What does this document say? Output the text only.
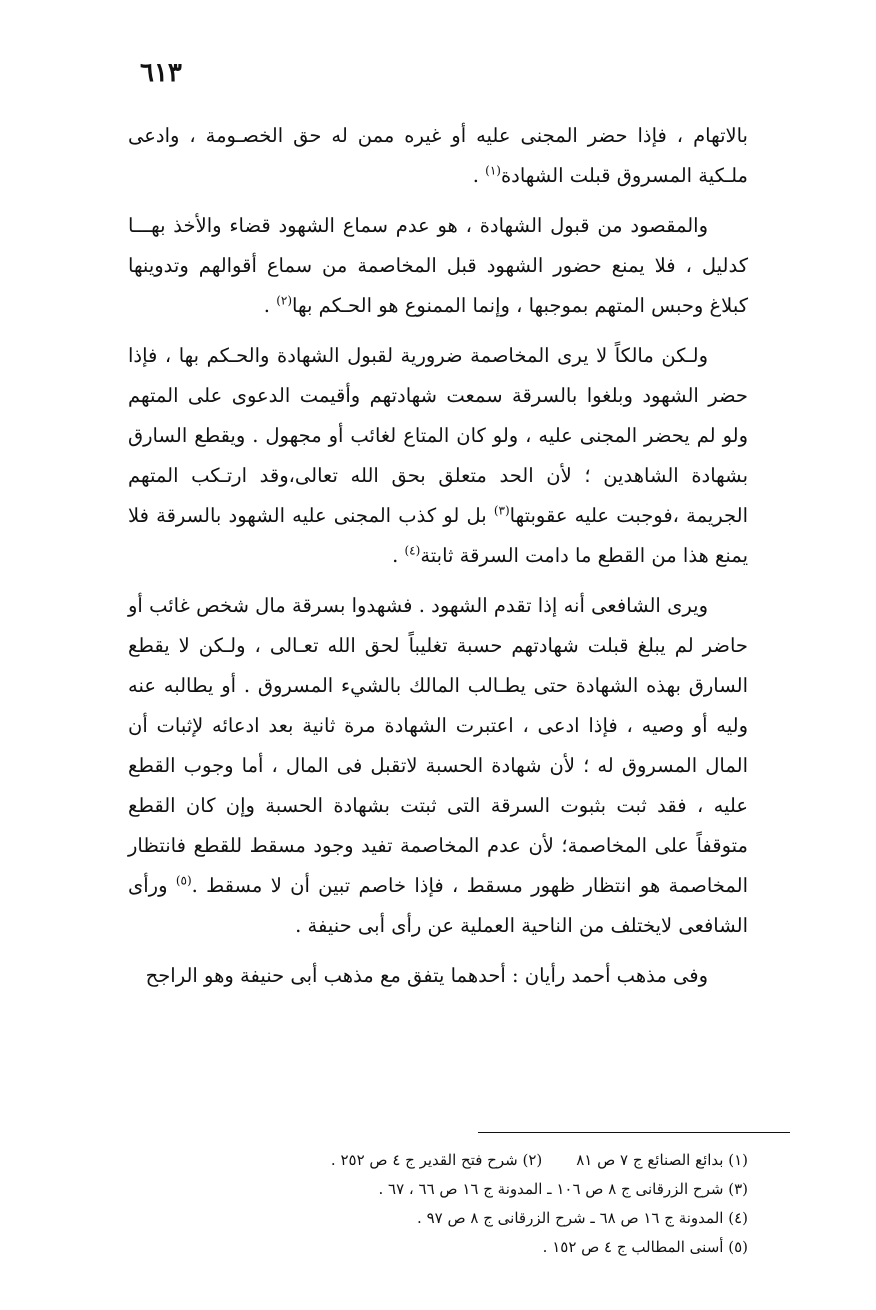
٦١٣

بالاتهام ، فإذا حضر المجنى عليه أو غيره ممن له حق الخصـومة ، وادعى ملـكية المسروق قبلت الشهادة$^{(١)}$ .

والمقصود من قبول الشهادة ، هو عدم سماع الشهود قضاء والأخذ بهـــا كدليل ، فلا يمنع حضور الشهود قبل المخاصمة من سماع أقوالهم وتدوينها كبلاغ وحبس المتهم بموجبها ، وإنما الممنوع هو الحـكم بها$^{(٢)}$ .

ولـكن مالكاً لا يرى المخاصمة ضرورية لقبول الشهادة والحـكم بها ، فإذا حضر الشهود وبلغوا بالسرقة سمعت شهادتهم وأقيمت الدعوى على المتهم ولو لم يحضر المجنى عليه ، ولو كان المتاع لغائب أو مجهول . ويقطع السارق بشهادة الشاهدين ؛ لأن الحد متعلق بحق الله تعالى،وقد ارتـكب المتهم الجريمة ،فوجبت عليه عقوبتها$^{(٣)}$ بل لو كذب المجنى عليه الشهود بالسرقة فلا يمنع هذا من القطع ما دامت السرقة ثابتة$^{(٤)}$ .

ويرى الشافعى أنه إذا تقدم الشهود . فشهدوا بسرقة مال شخص غائب أو حاضر لم يبلغ قبلت شهادتهم حسبة تغليباً لحق الله تعـالى ، ولـكن لا يقطع السارق بهذه الشهادة حتى يطـالب المالك بالشيء المسروق . أو يطالبه عنه وليه أو وصيه ، فإذا ادعى ، اعتبرت الشهادة مرة ثانية بعد ادعائه لإثبات أن المال المسروق له ؛ لأن شهادة الحسبة لاتقبل فى المال ، أما وجوب القطع عليه ، فقد ثبت بثبوت السرقة التى ثبتت بشهادة الحسبة وإن كان القطع متوقفاً على المخاصمة؛ لأن عدم المخاصمة تفيد وجود مسقط للقطع فانتظار المخاصمة هو انتظار ظهور مسقط ، فإذا خاصم تبين أن لا مسقط .$^{(٥)}$ ورأى الشافعى لايختلف من الناحية العملية عن رأى أبى حنيفة .

وفى مذهب أحمد رأيان : أحدهما يتفق مع مذهب أبى حنيفة وهو الراجح

(١) بدائع الصنائع ج ٧ ص ٨١(٢) شرح فتح القدير ج ٤ ص ٢٥٢ .
(٣) شرح الزرقانى ج ٨ ص ١٠٦ ـ المدونة ج ١٦ ص ٦٦ ، ٦٧ .
(٤) المدونة ج ١٦ ص ٦٨ ـ شرح الزرقانى ج ٨ ص ٩٧ .
(٥) أسنى المطالب ج ٤ ص ١٥٢ .
